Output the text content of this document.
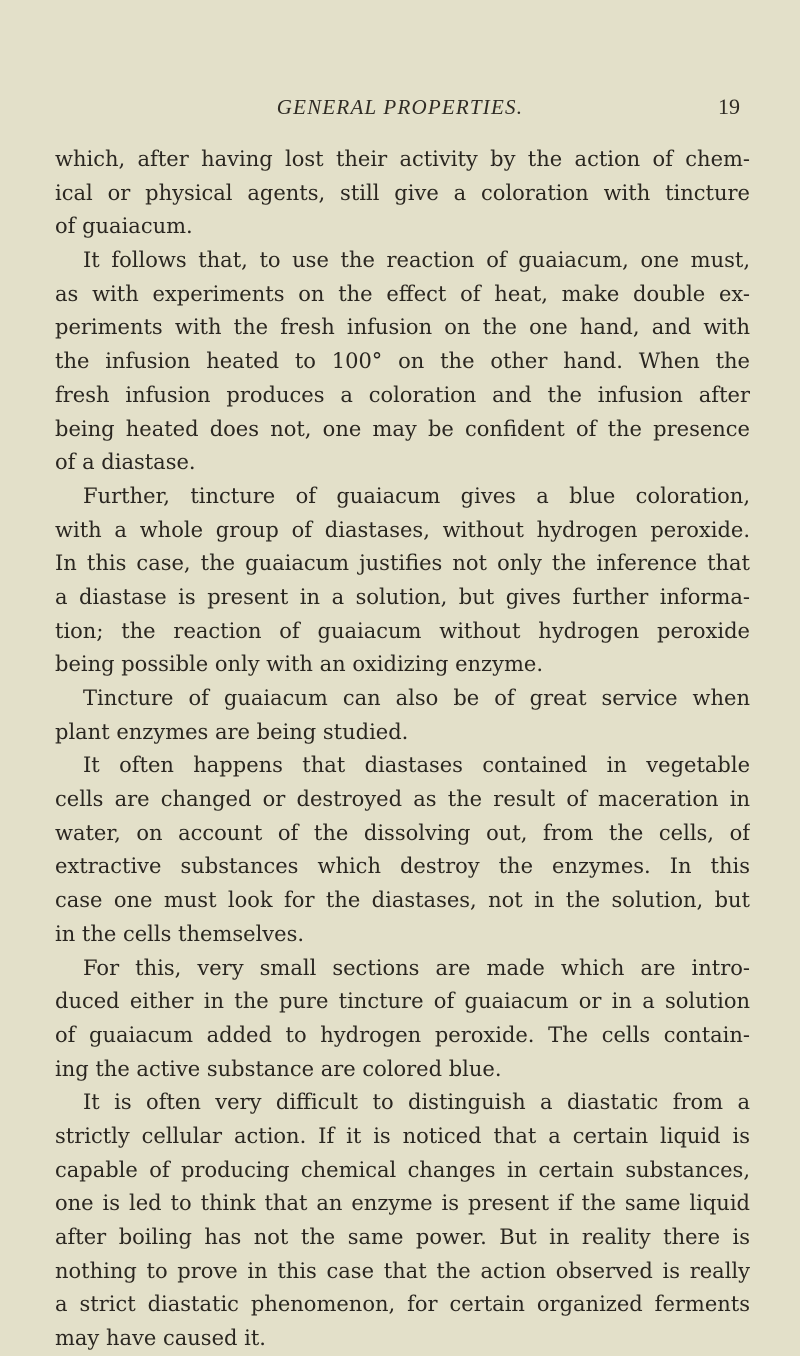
GENERAL PROPERTIES.	19
which, after having lost their activity by the action of chem-
ical or physical agents, still give a coloration with tincture
of guaiacum.
It follows that, to use the reaction of guaiacum, one must,
as with experiments on the effect of heat, make double ex-
periments with the fresh infusion on the one hand, and with
the infusion heated to 100° on the other hand. When the
fresh infusion produces a coloration and the infusion after
being heated does not, one may be confident of the presence
of a diastase.
Further, tincture of guaiacum gives a blue coloration,
with a whole group of diastases, without hydrogen peroxide.
In this case, the guaiacum justifies not only the inference that
a diastase is present in a solution, but gives further informa-
tion; the reaction of guaiacum without hydrogen peroxide
being possible only with an oxidizing enzyme.
Tincture of guaiacum can also be of great service when
plant enzymes are being studied.
It often happens that diastases contained in vegetable
cells are changed or destroyed as the result of maceration in
water, on account of the dissolving out, from the cells, of
extractive substances which destroy the enzymes. In this
case one must look for the diastases, not in the solution, but
in the cells themselves.
For this, very small sections are made which are intro-
duced either in the pure tincture of guaiacum or in a solution
of guaiacum added to hydrogen peroxide. The cells contain-
ing the active substance are colored blue.
It is often very difficult to distinguish a diastatic from a
strictly cellular action. If it is noticed that a certain liquid is
capable of producing chemical changes in certain substances,
one is led to think that an enzyme is present if the same liquid
after boiling has not the same power. But in reality there is
nothing to prove in this case that the action observed is really
a strict diastatic phenomenon, for certain organized ferments
may have caused it.
